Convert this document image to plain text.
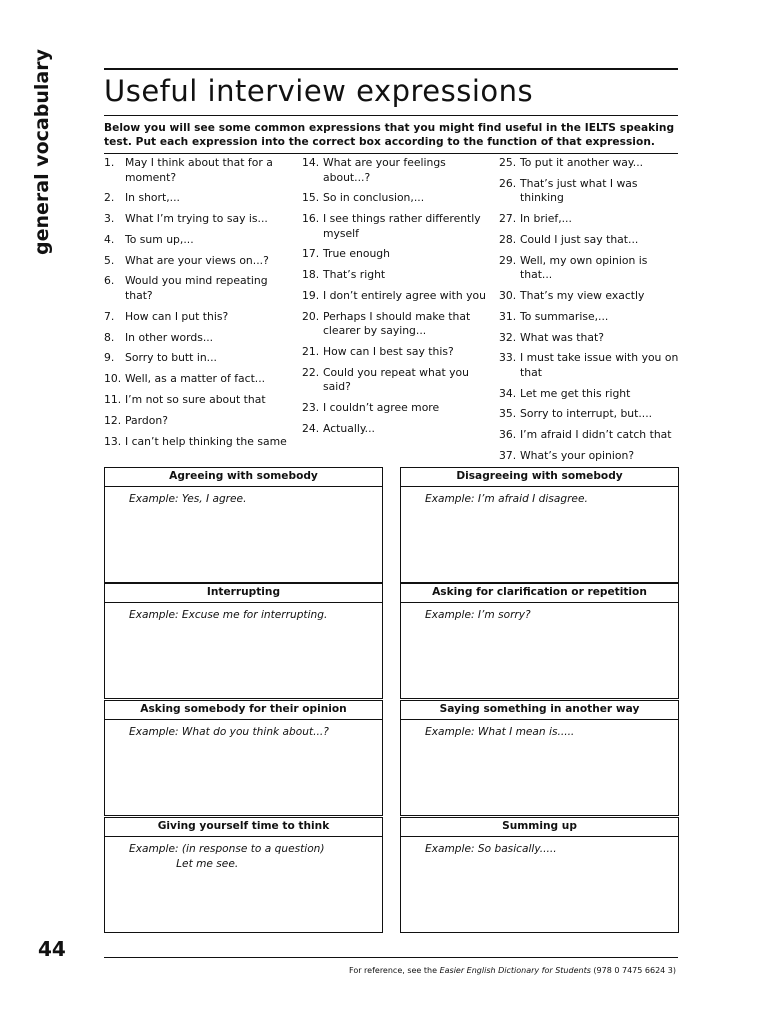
general vocabulary Useful interview expressions
Below you will see some common expressions that you might find useful in the IELTS speaking test. Put each expression into the correct box according to the function of that expression.
1. May I think about that for a moment?
2. In short,...
3. What I’m trying to say is...
4. To sum up,...
5. What are your views on...?
6. Would you mind repeating that?
7. How can I put this?
8. In other words...
9. Sorry to butt in...
10. Well, as a matter of fact...
11. I’m not so sure about that
12. Pardon?
13. I can’t help thinking the same
14. What are your feelings about...?
15. So in conclusion,...
16. I see things rather differently myself
17. True enough
18. That’s right
19. I don’t entirely agree with you
20. Perhaps I should make that clearer by saying...
21. How can I best say this?
22. Could you repeat what you said?
23. I couldn’t agree more
24. Actually...
25. To put it another way...
26. That’s just what I was thinking
27. In brief,...
28. Could I just say that...
29. Well, my own opinion is that...
30. That’s my view exactly
31. To summarise,...
32. What was that?
33. I must take issue with you on that
34. Let me get this right
35. Sorry to interrupt, but....
36. I’m afraid I didn’t catch that
37. What’s your opinion?
Agreeing with somebody
Example: Yes, I agree.
Disagreeing with somebody
Example: I’m afraid I disagree.
Interrupting
Example: Excuse me for interrupting.
Asking for clarification or repetition
Example: I’m sorry?
Asking somebody for their opinion
Example: What do you think about...?
Saying something in another way
Example: What I mean is.....
Giving yourself time to think
Example: (in response to a question)
Let me see.
Summing up
Example: So basically.....
44
For reference, see the Easier English Dictionary for Students (978 0 7475 6624 3)
